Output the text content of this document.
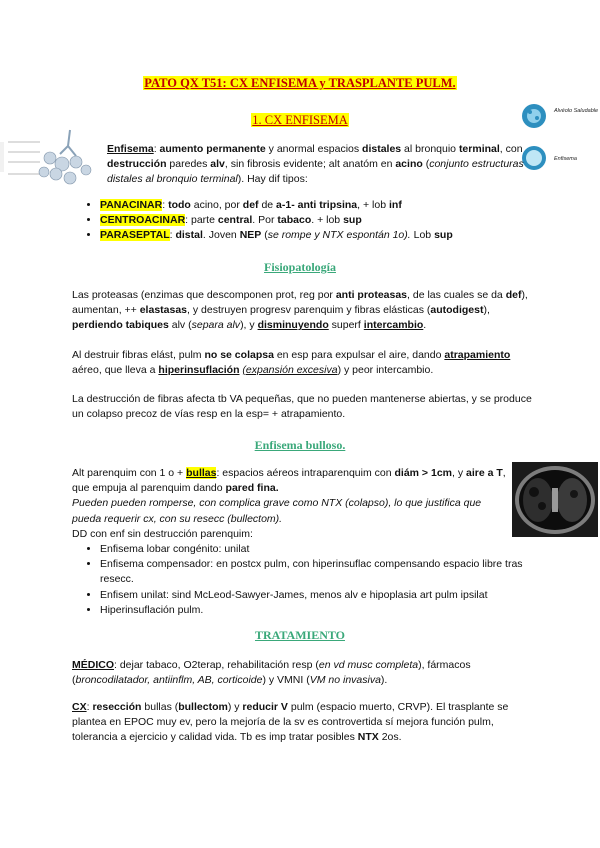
PATO QX T51: CX ENFISEMA y TRASPLANTE PULM.
1. CX ENFISEMA
Alvéolo Saludable
Enfisema

Enfisema: aumento permanente y anormal espacios distales al bronquio terminal, con destrucción paredes alv, sin fibrosis evidente; alt anatóm en acino (conjunto estructuras distales al bronquio terminal). Hay dif tipos:

• PANACINAR: todo acino, por def de a-1- anti tripsina, + lob inf
• CENTROACINAR: parte central. Por tabaco. + lob sup
• PARASEPTAL: distal. Joven NEP (se rompe y NTX espontán 1o). Lob sup
Fisiopatología

Las proteasas (enzimas que descomponen prot, reg por anti proteasas, de las cuales se da def), aumentan, ++ elastasas, y destruyen progresv parenquim y fibras elásticas (autodigest), perdiendo tabiques alv (separa alv), y disminuyendo superf intercambio.

Al destruir fibras elást, pulm no se colapsa en esp para expulsar el aire, dando atrapamiento aéreo, que lleva a hiperinsuflación (expansión excesiva) y peor intercambio.

La destrucción de fibras afecta tb VA pequeñas, que no pueden mantenerse abiertas, y se produce un colapso precoz de vías resp en la esp= + atrapamiento.

Enfisema bulloso.

Alt parenquim con 1 o + bullas: espacios aéreos intraparenquim con diám > 1cm, y aire a T, que empuja al parenquim dando pared fina.

Pueden pueden romperse, con complica grave como NTX (colapso), lo que justifica que pueda requerir cx, con su resecc (bullectom).

DD con enf sin destrucción parenquim:

• Enfisema lobar congénito: unilat
• Enfisema compensador: en postcx pulm, con hiperinsuflac compensando espacio libre tras resecc.
• Enfisem unilat: sind McLeod-Sawyer-James, menos alv e hipoplasia art pulm ipsilat
• Hiperinsuflación pulm.
TRATAMIENTO

MÉDICO: dejar tabaco, O2terap, rehabilitación resp (en vd musc completa), fármacos (broncodilatador, antiinflm, AB, corticoide) y VMNI (VM no invasiva).

CX: resección bullas (bullectom) y reducir V pulm (espacio muerto, CRVP). El trasplante se plantea en EPOC muy ev, pero la mejoría de la sv es controvertida sí mejora función pulm, tolerancia a ejercicio y calidad vida. Tb es imp tratar posibles NTX 2os.
